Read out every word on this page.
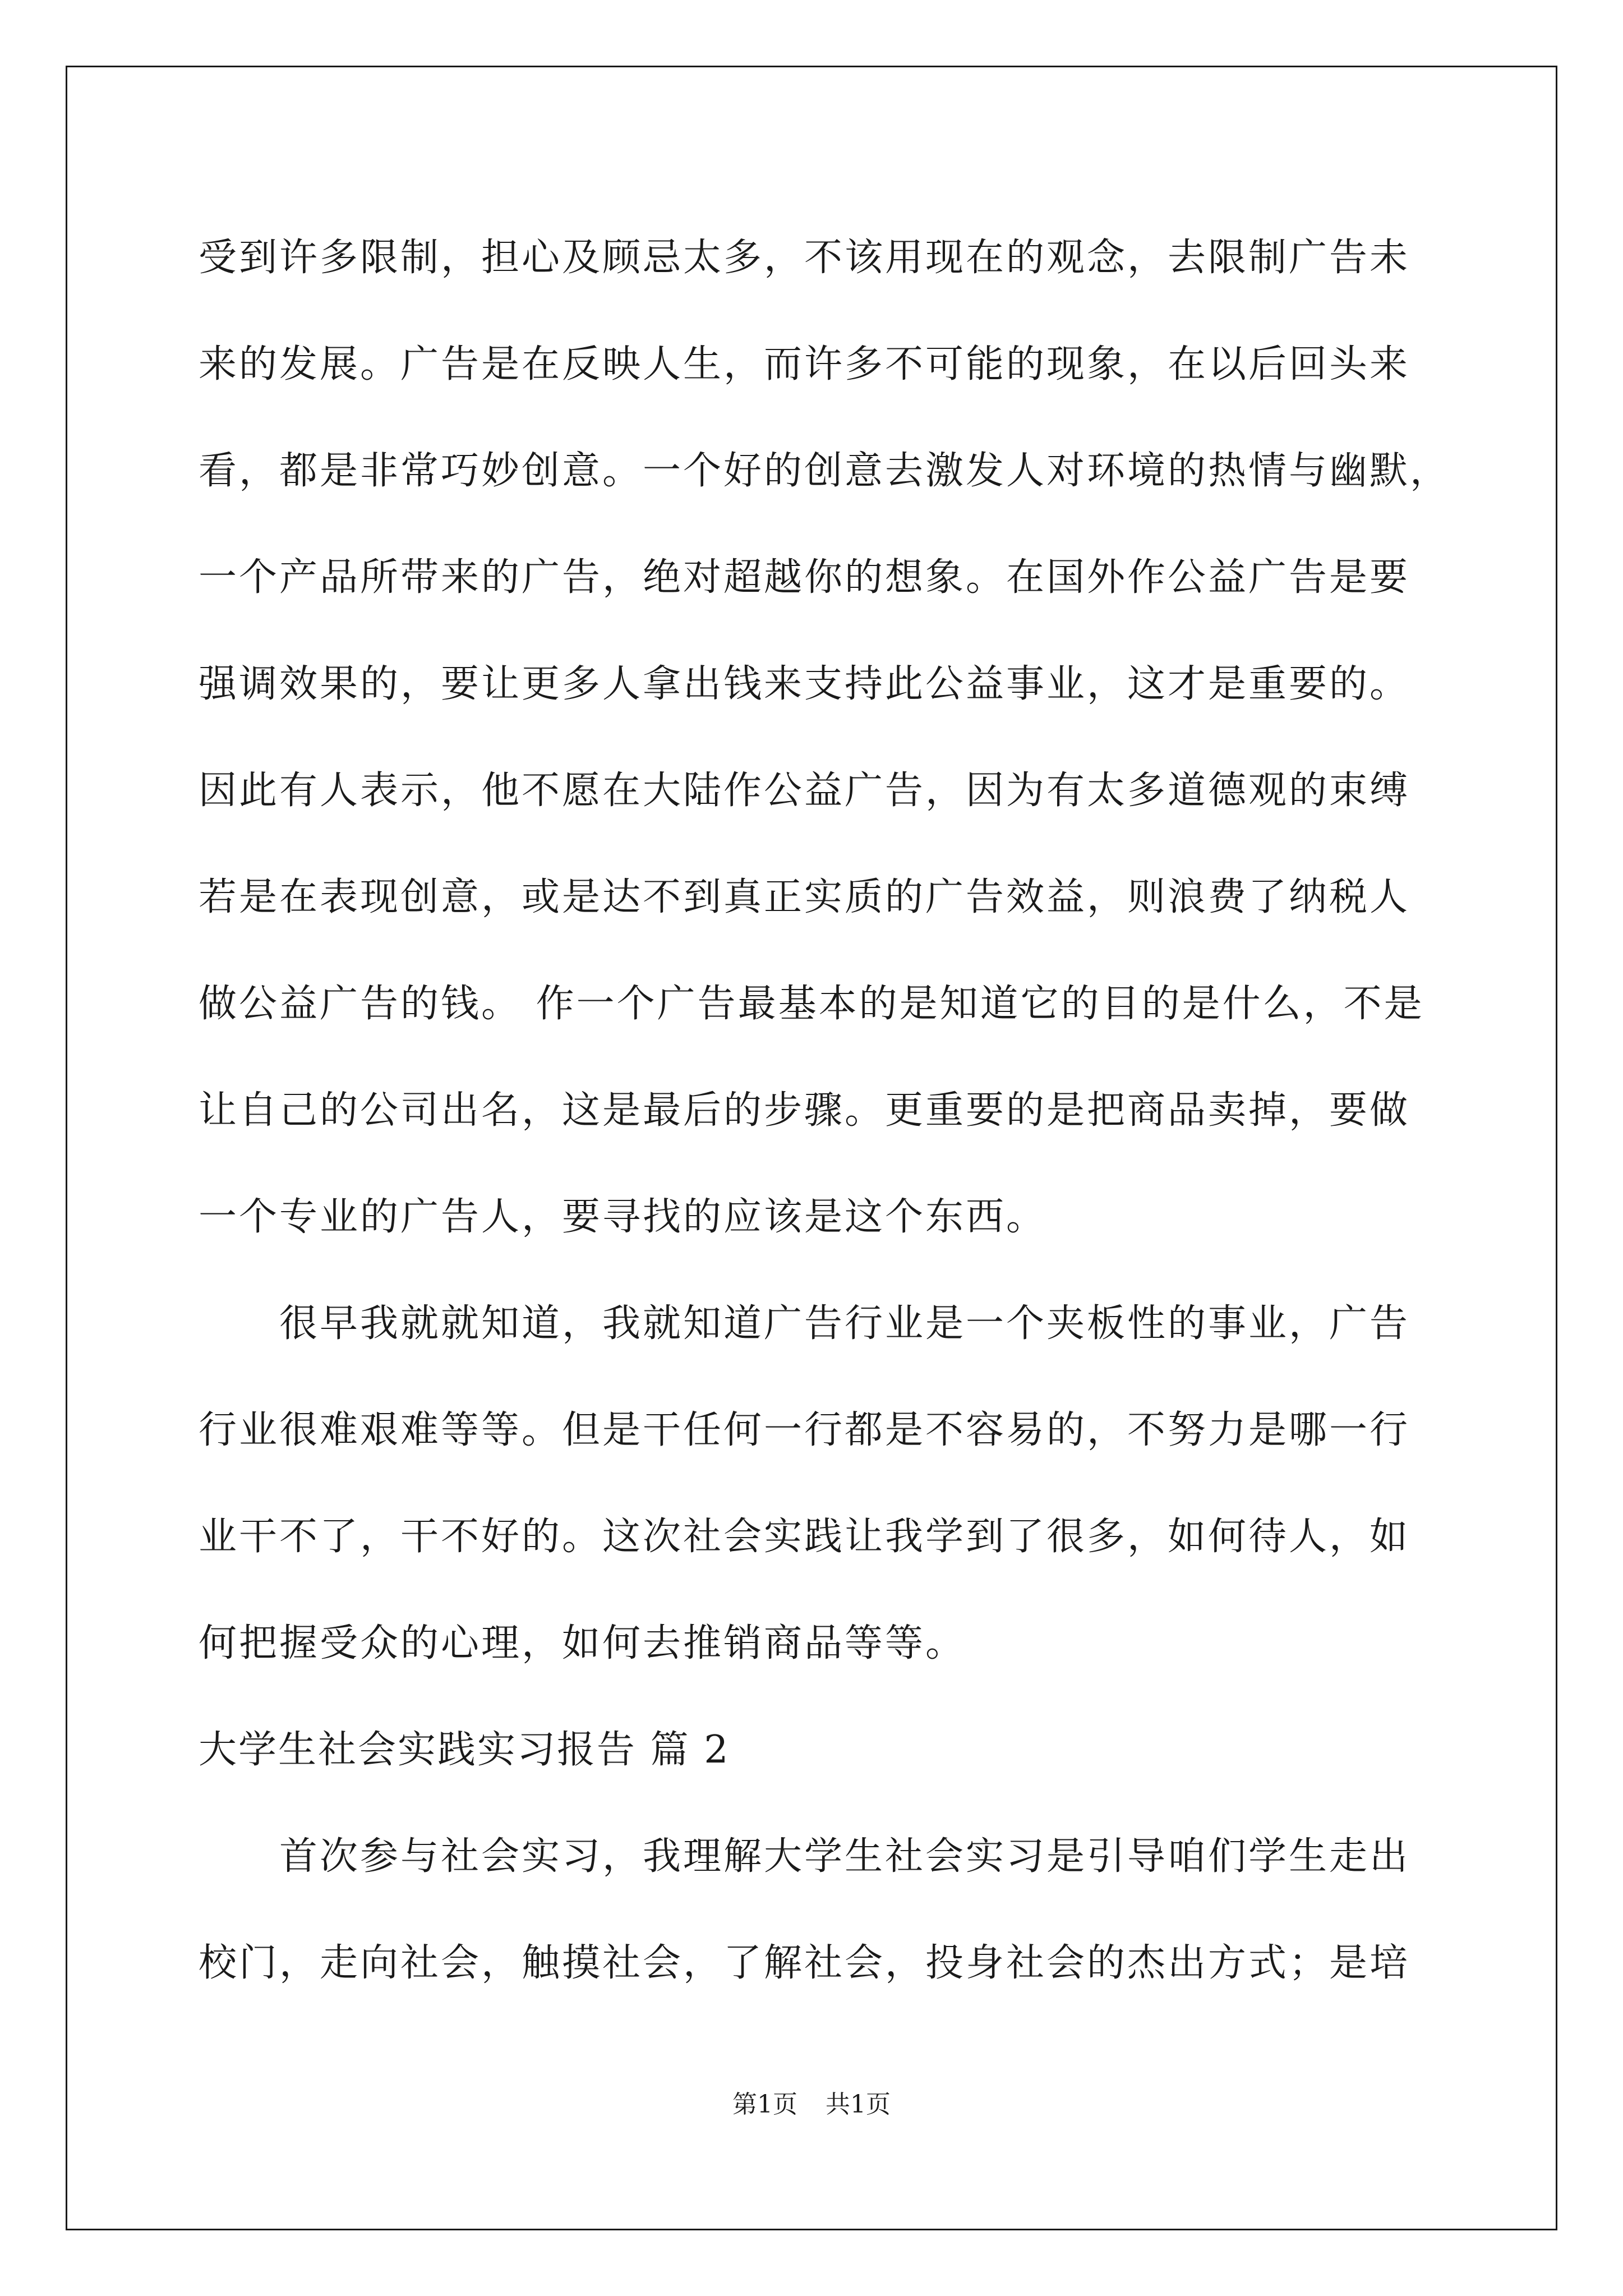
受到许多限制，担心及顾忌太多，不该用现在的观念，去限制广告未
来的发展。广告是在反映人生，而许多不可能的现象，在以后回头来
看，都是非常巧妙创意。一个好的创意去激发人对环境的热情与幽默，
一个产品所带来的广告，绝对超越你的想象。在国外作公益广告是要
强调效果的，要让更多人拿出钱来支持此公益事业，这才是重要的。
因此有人表示，他不愿在大陆作公益广告，因为有太多道德观的束缚
若是在表现创意，或是达不到真正实质的广告效益，则浪费了纳税人
做公益广告的钱。 作一个广告最基本的是知道它的目的是什么，不是
让自己的公司出名，这是最后的步骤。更重要的是把商品卖掉，要做
一个专业的广告人，要寻找的应该是这个东西。
很早我就就知道，我就知道广告行业是一个夹板性的事业，广告
行业很难艰难等等。但是干任何一行都是不容易的，不努力是哪一行
业干不了，干不好的。这次社会实践让我学到了很多，如何待人，如
何把握受众的心理，如何去推销商品等等。
大学生社会实践实习报告 篇 2
首次参与社会实习，我理解大学生社会实习是引导咱们学生走出
校门，走向社会，触摸社会，了解社会，投身社会的杰出方式；是培
第1页 共1页
